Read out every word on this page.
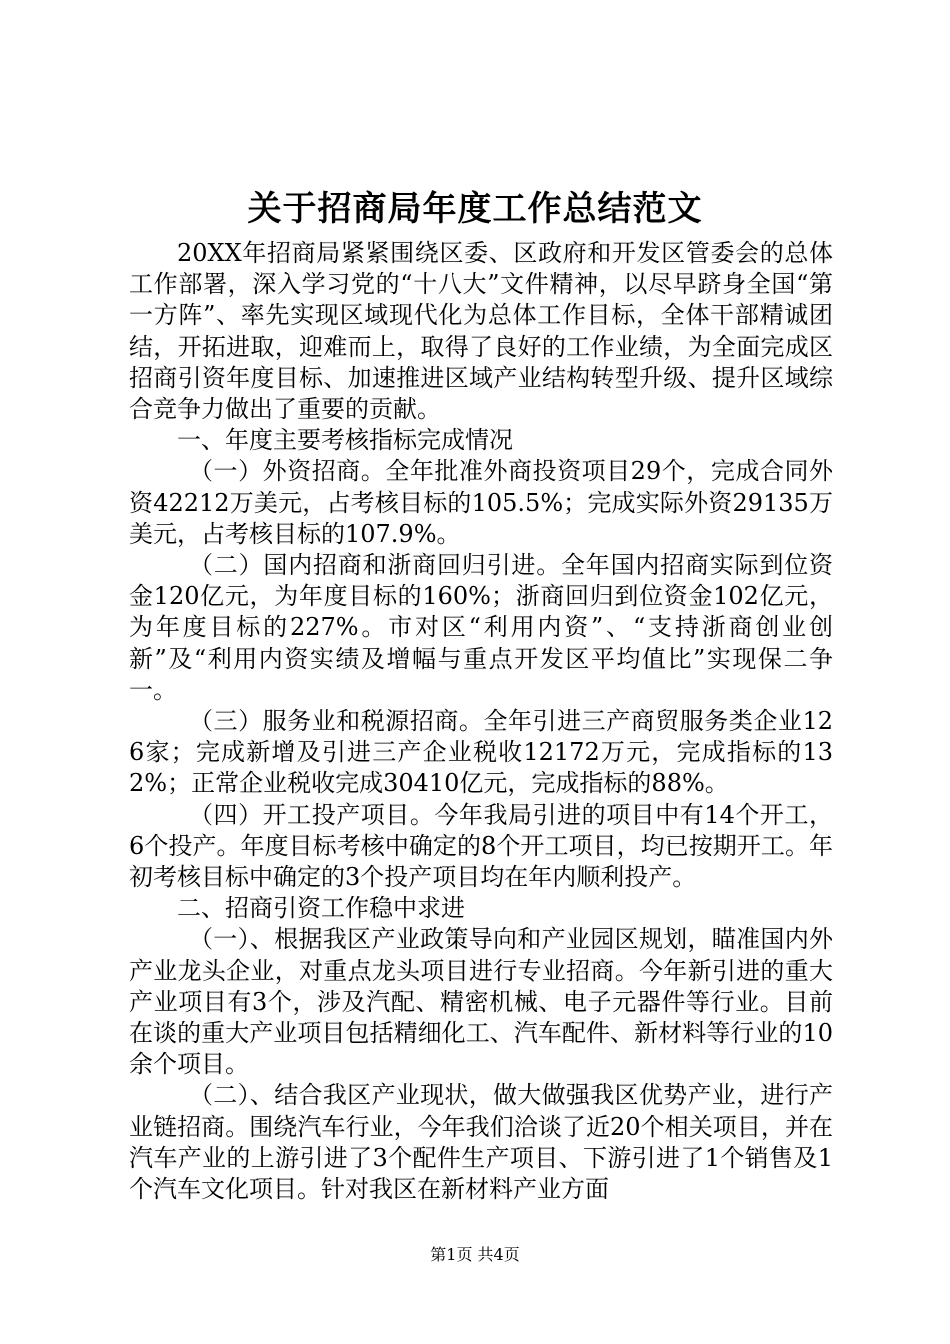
关于招商局年度工作总结范文

20XX年招商局紧紧围绕区委、区政府和开发区管委会的总体工作部署，深入学习党的“十八大”文件精神，以尽早跻身全国“第一方阵”、率先实现区域现代化为总体工作目标，全体干部精诚团结，开拓进取，迎难而上，取得了良好的工作业绩，为全面完成区招商引资年度目标、加速推进区域产业结构转型升级、提升区域综合竞争力做出了重要的贡献。

一、年度主要考核指标完成情况

（一）外资招商。全年批准外商投资项目29个，完成合同外资42212万美元，占考核目标的105.5%；完成实际外资29135万美元，占考核目标的107.9%。

（二）国内招商和浙商回归引进。全年国内招商实际到位资金120亿元，为年度目标的160%；浙商回归到位资金102亿元，为年度目标的227%。市对区“利用内资”、“支持浙商创业创新”及“利用内资实绩及增幅与重点开发区平均值比”实现保二争一。

（三）服务业和税源招商。全年引进三产商贸服务类企业126家；完成新增及引进三产企业税收12172万元，完成指标的132%；正常企业税收完成30410亿元，完成指标的88%。

（四）开工投产项目。今年我局引进的项目中有14个开工，6个投产。年度目标考核中确定的8个开工项目，均已按期开工。年初考核目标中确定的3个投产项目均在年内顺利投产。

二、招商引资工作稳中求进

（一）、根据我区产业政策导向和产业园区规划，瞄准国内外产业龙头企业，对重点龙头项目进行专业招商。今年新引进的重大产业项目有3个，涉及汽配、精密机械、电子元器件等行业。目前在谈的重大产业项目包括精细化工、汽车配件、新材料等行业的10余个项目。

（二）、结合我区产业现状，做大做强我区优势产业，进行产业链招商。围绕汽车行业，今年我们洽谈了近20个相关项目，并在汽车产业的上游引进了3个配件生产项目、下游引进了1个销售及1个汽车文化项目。针对我区在新材料产业方面

第1页 共4页
